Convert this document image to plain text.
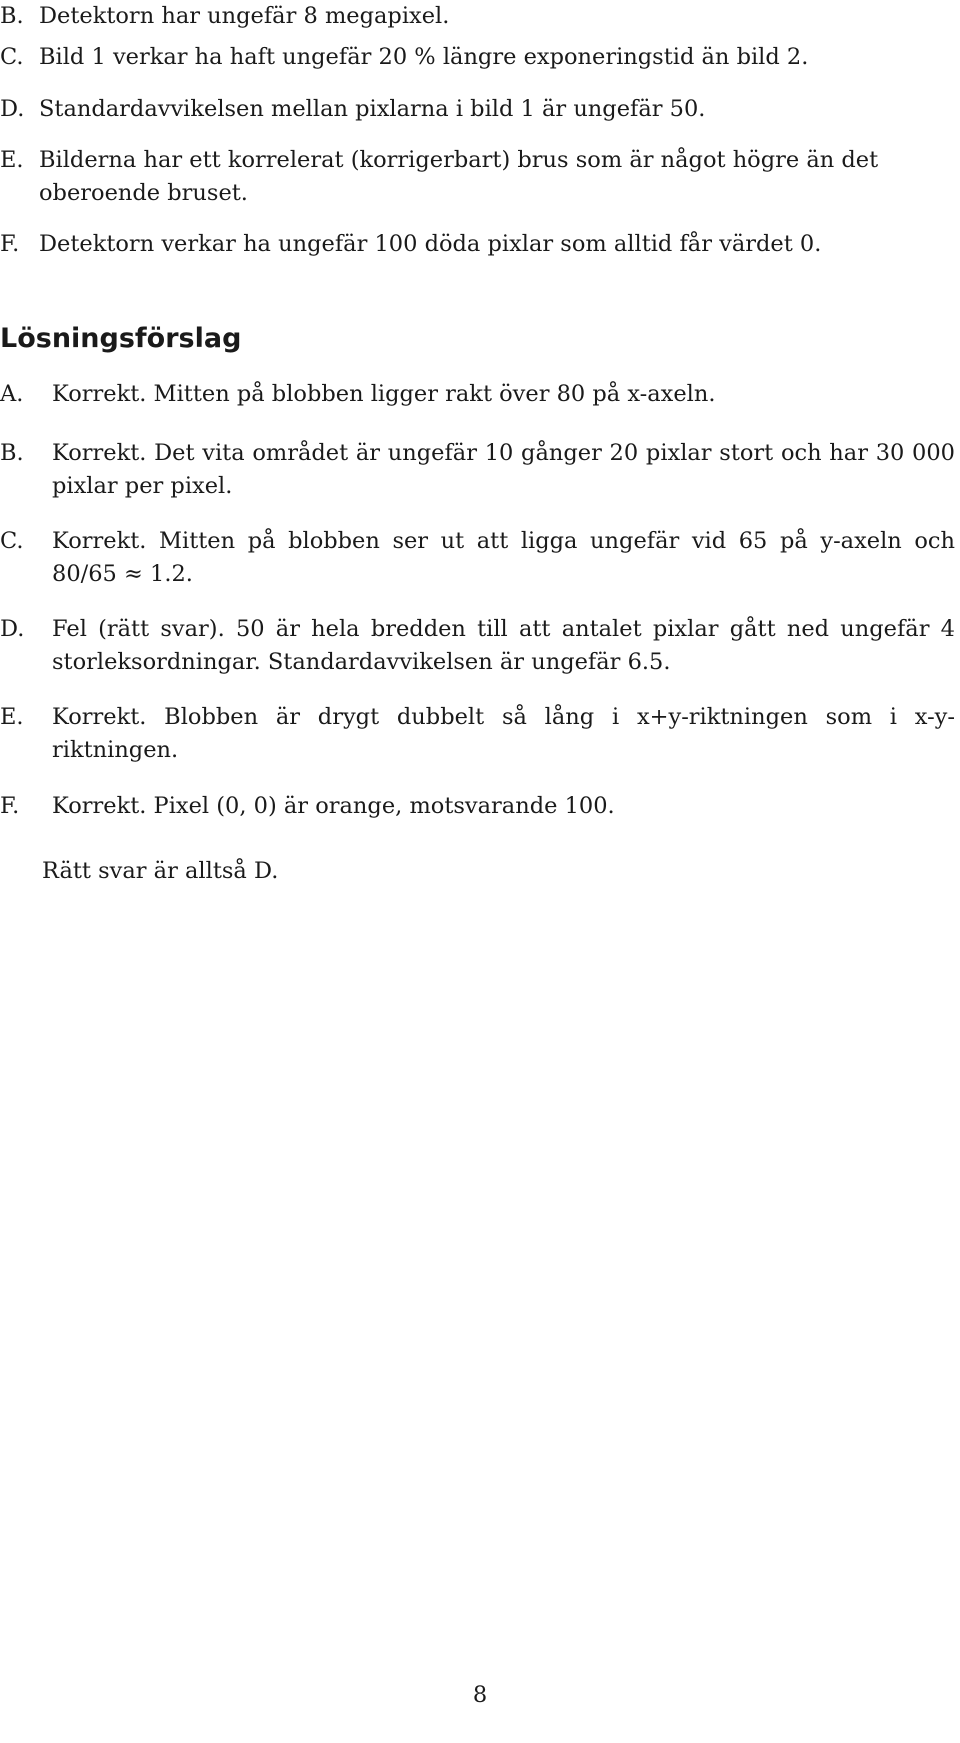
B. Detektorn har ungefär 8 megapixel.
C. Bild 1 verkar ha haft ungefär 20 % längre exponeringstid än bild 2.
D. Standardavvikelsen mellan pixlarna i bild 1 är ungefär 50.
E. Bilderna har ett korrelerat (korrigerbart) brus som är något högre än det oberoende bruset.
F. Detektorn verkar ha ungefär 100 döda pixlar som alltid får värdet 0.
Lösningsförslag
A.	Korrekt. Mitten på blobben ligger rakt över 80 på x-axeln.
B.	Korrekt. Det vita området är ungefär 10 gånger 20 pixlar stort och har 30 000 pixlar per pixel.
C.	Korrekt. Mitten på blobben ser ut att ligga ungefär vid 65 på y-axeln och 80/65 ≈ 1.2.
D.	Fel (rätt svar). 50 är hela bredden till att antalet pixlar gått ned ungefär 4 storleksordningar. Standardavvikelsen är ungefär 6.5.
E.	Korrekt. Blobben är drygt dubbelt så lång i x+y-riktningen som i x-y-riktningen.
F.	Korrekt. Pixel (0, 0) är orange, motsvarande 100.
Rätt svar är alltså D.
8
